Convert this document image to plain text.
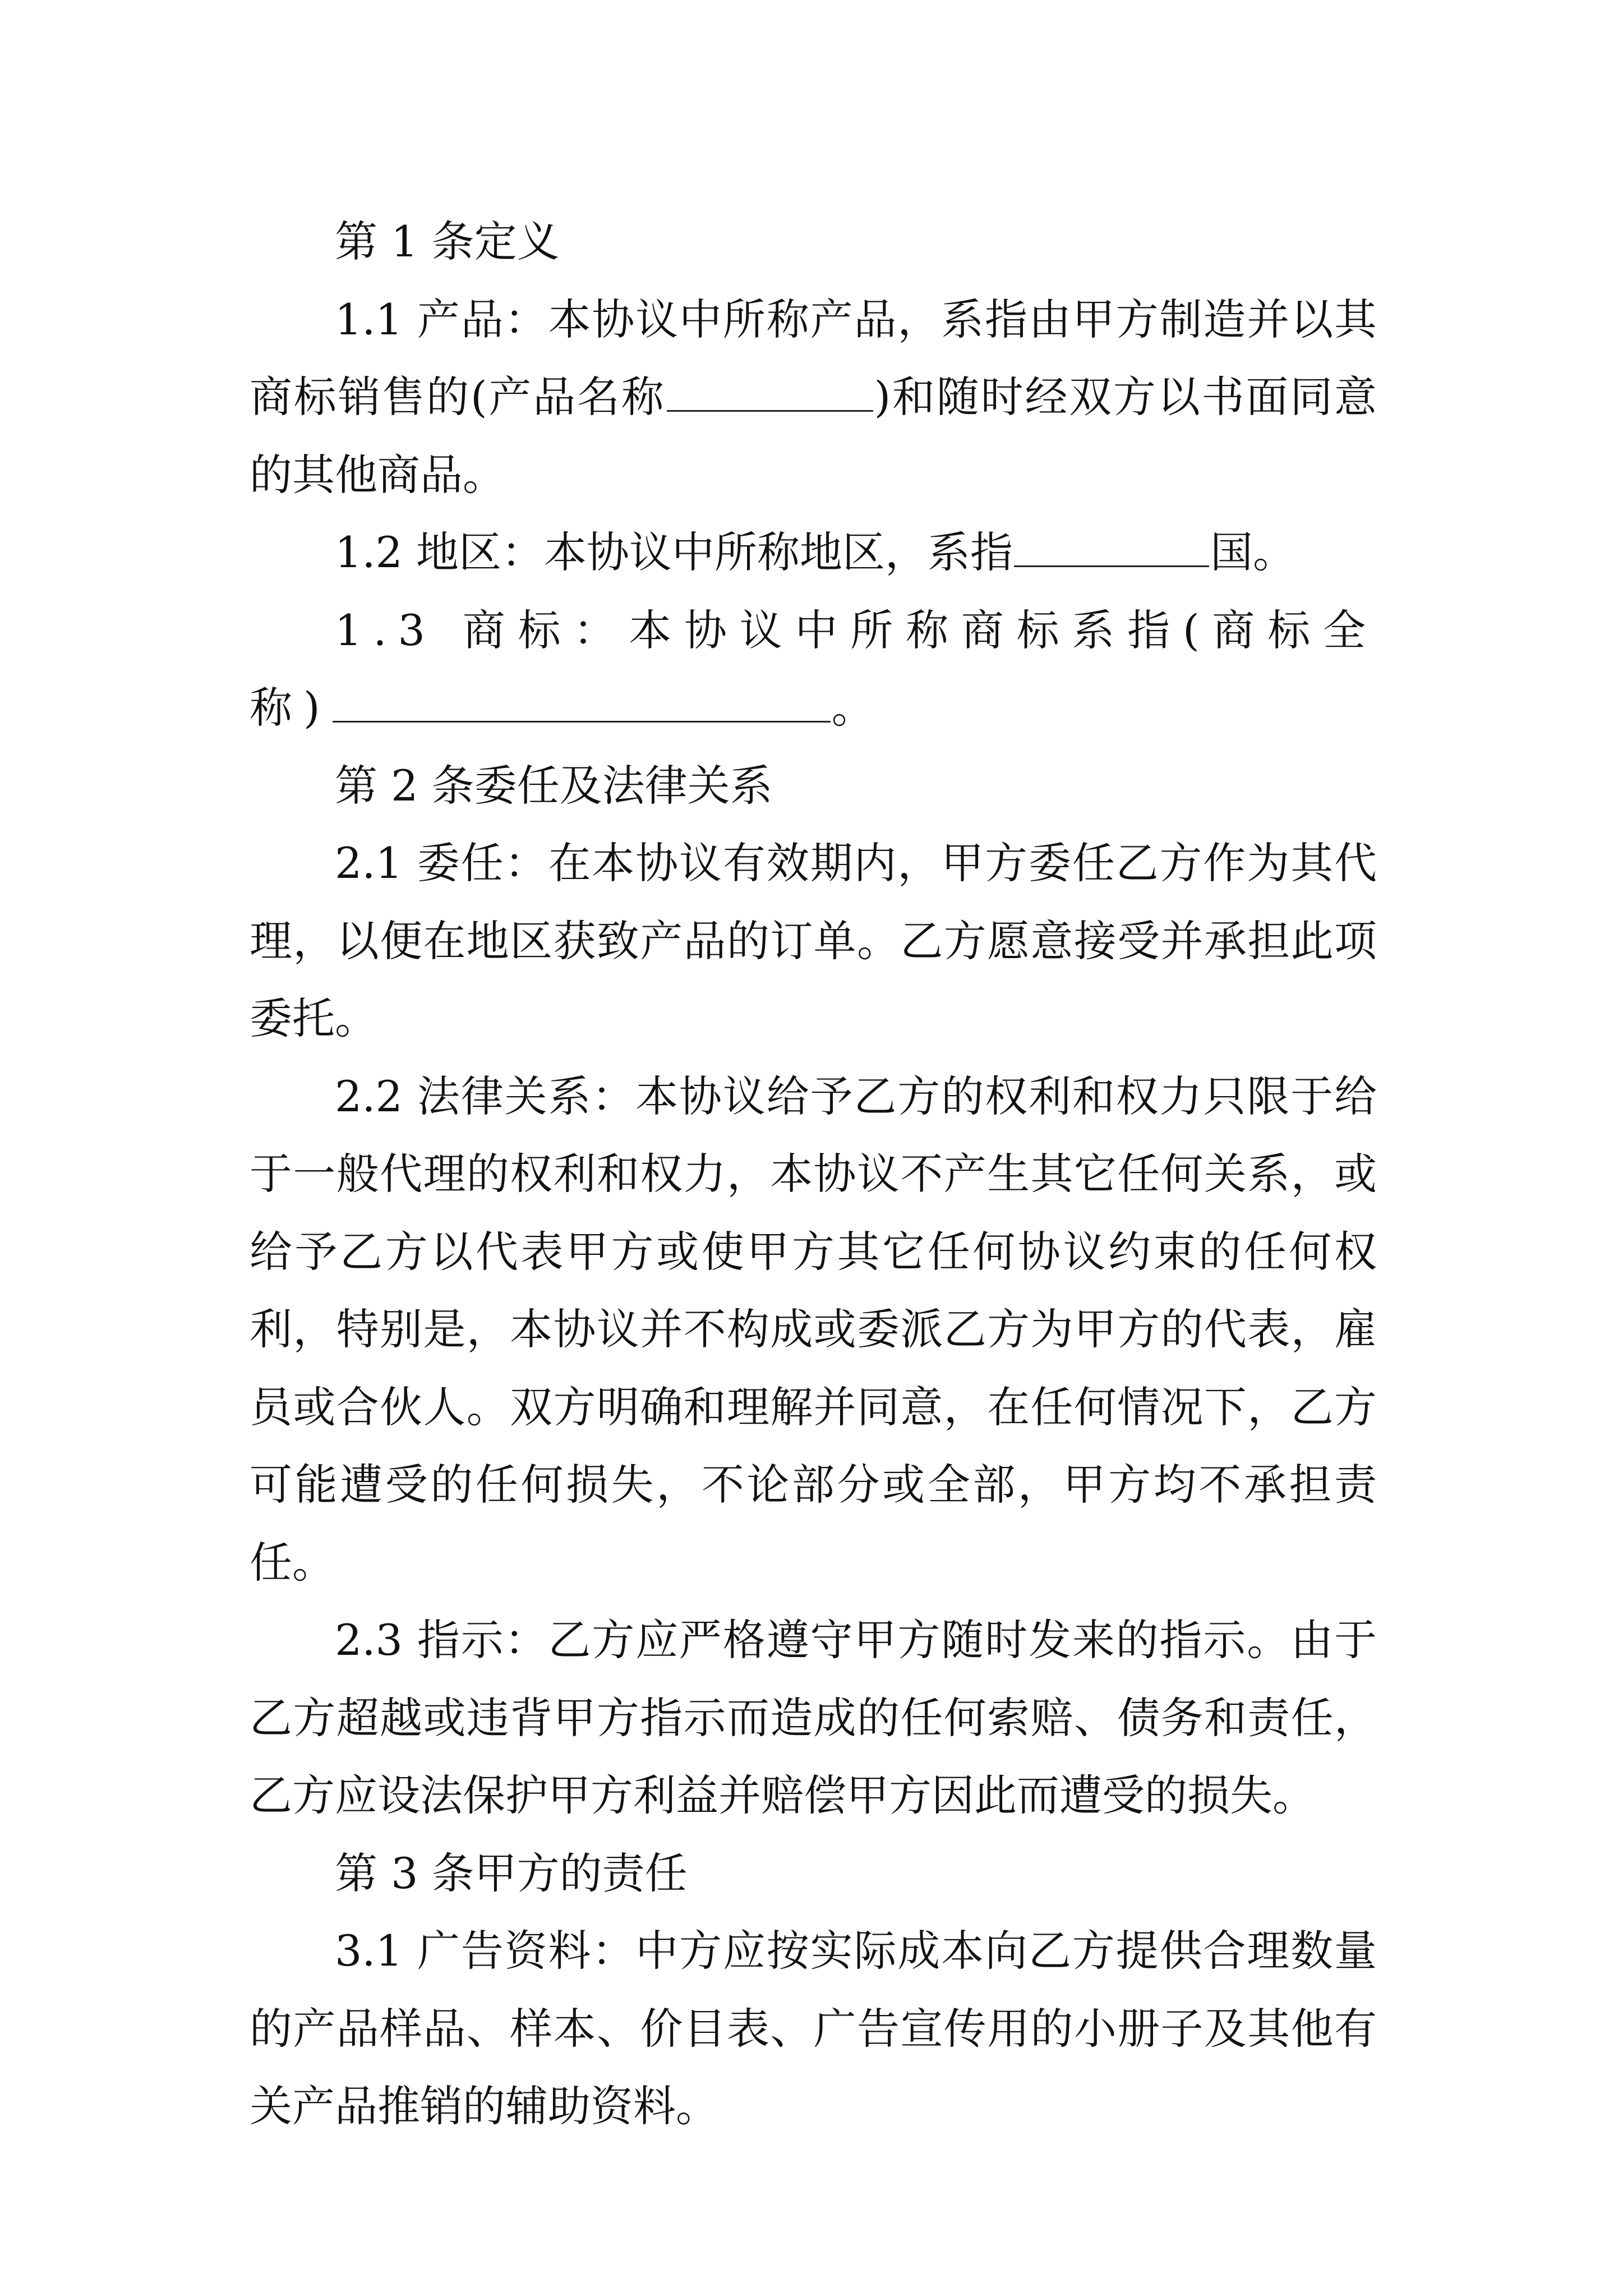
第 1 条定义

1.1 产品：本协议中所称产品，系指由甲方制造并以其商标销售的(产品名称	)和随时经双方以书面同意的其他商品。

1.2 地区：本协议中所称地区，系指	国。

1.3 商标：本协议中所称商标系指(商标全称)	。

第 2 条委任及法律关系

2.1 委任：在本协议有效期内，甲方委任乙方作为其代理，以便在地区获致产品的订单。乙方愿意接受并承担此项委托。

2.2 法律关系：本协议给予乙方的权利和权力只限于给于一般代理的权利和权力，本协议不产生其它任何关系，或给予乙方以代表甲方或使甲方其它任何协议约束的任何权利，特别是，本协议并不构成或委派乙方为甲方的代表，雇员或合伙人。双方明确和理解并同意，在任何情况下，乙方可能遭受的任何损失，不论部分或全部，甲方均不承担责任。

2.3 指示：乙方应严格遵守甲方随时发来的指示。由于乙方超越或违背甲方指示而造成的任何索赔、债务和责任，乙方应设法保护甲方利益并赔偿甲方因此而遭受的损失。

第 3 条甲方的责任

3.1 广告资料：中方应按实际成本向乙方提供合理数量的产品样品、样本、价目表、广告宣传用的小册子及其他有关产品推销的辅助资料。
